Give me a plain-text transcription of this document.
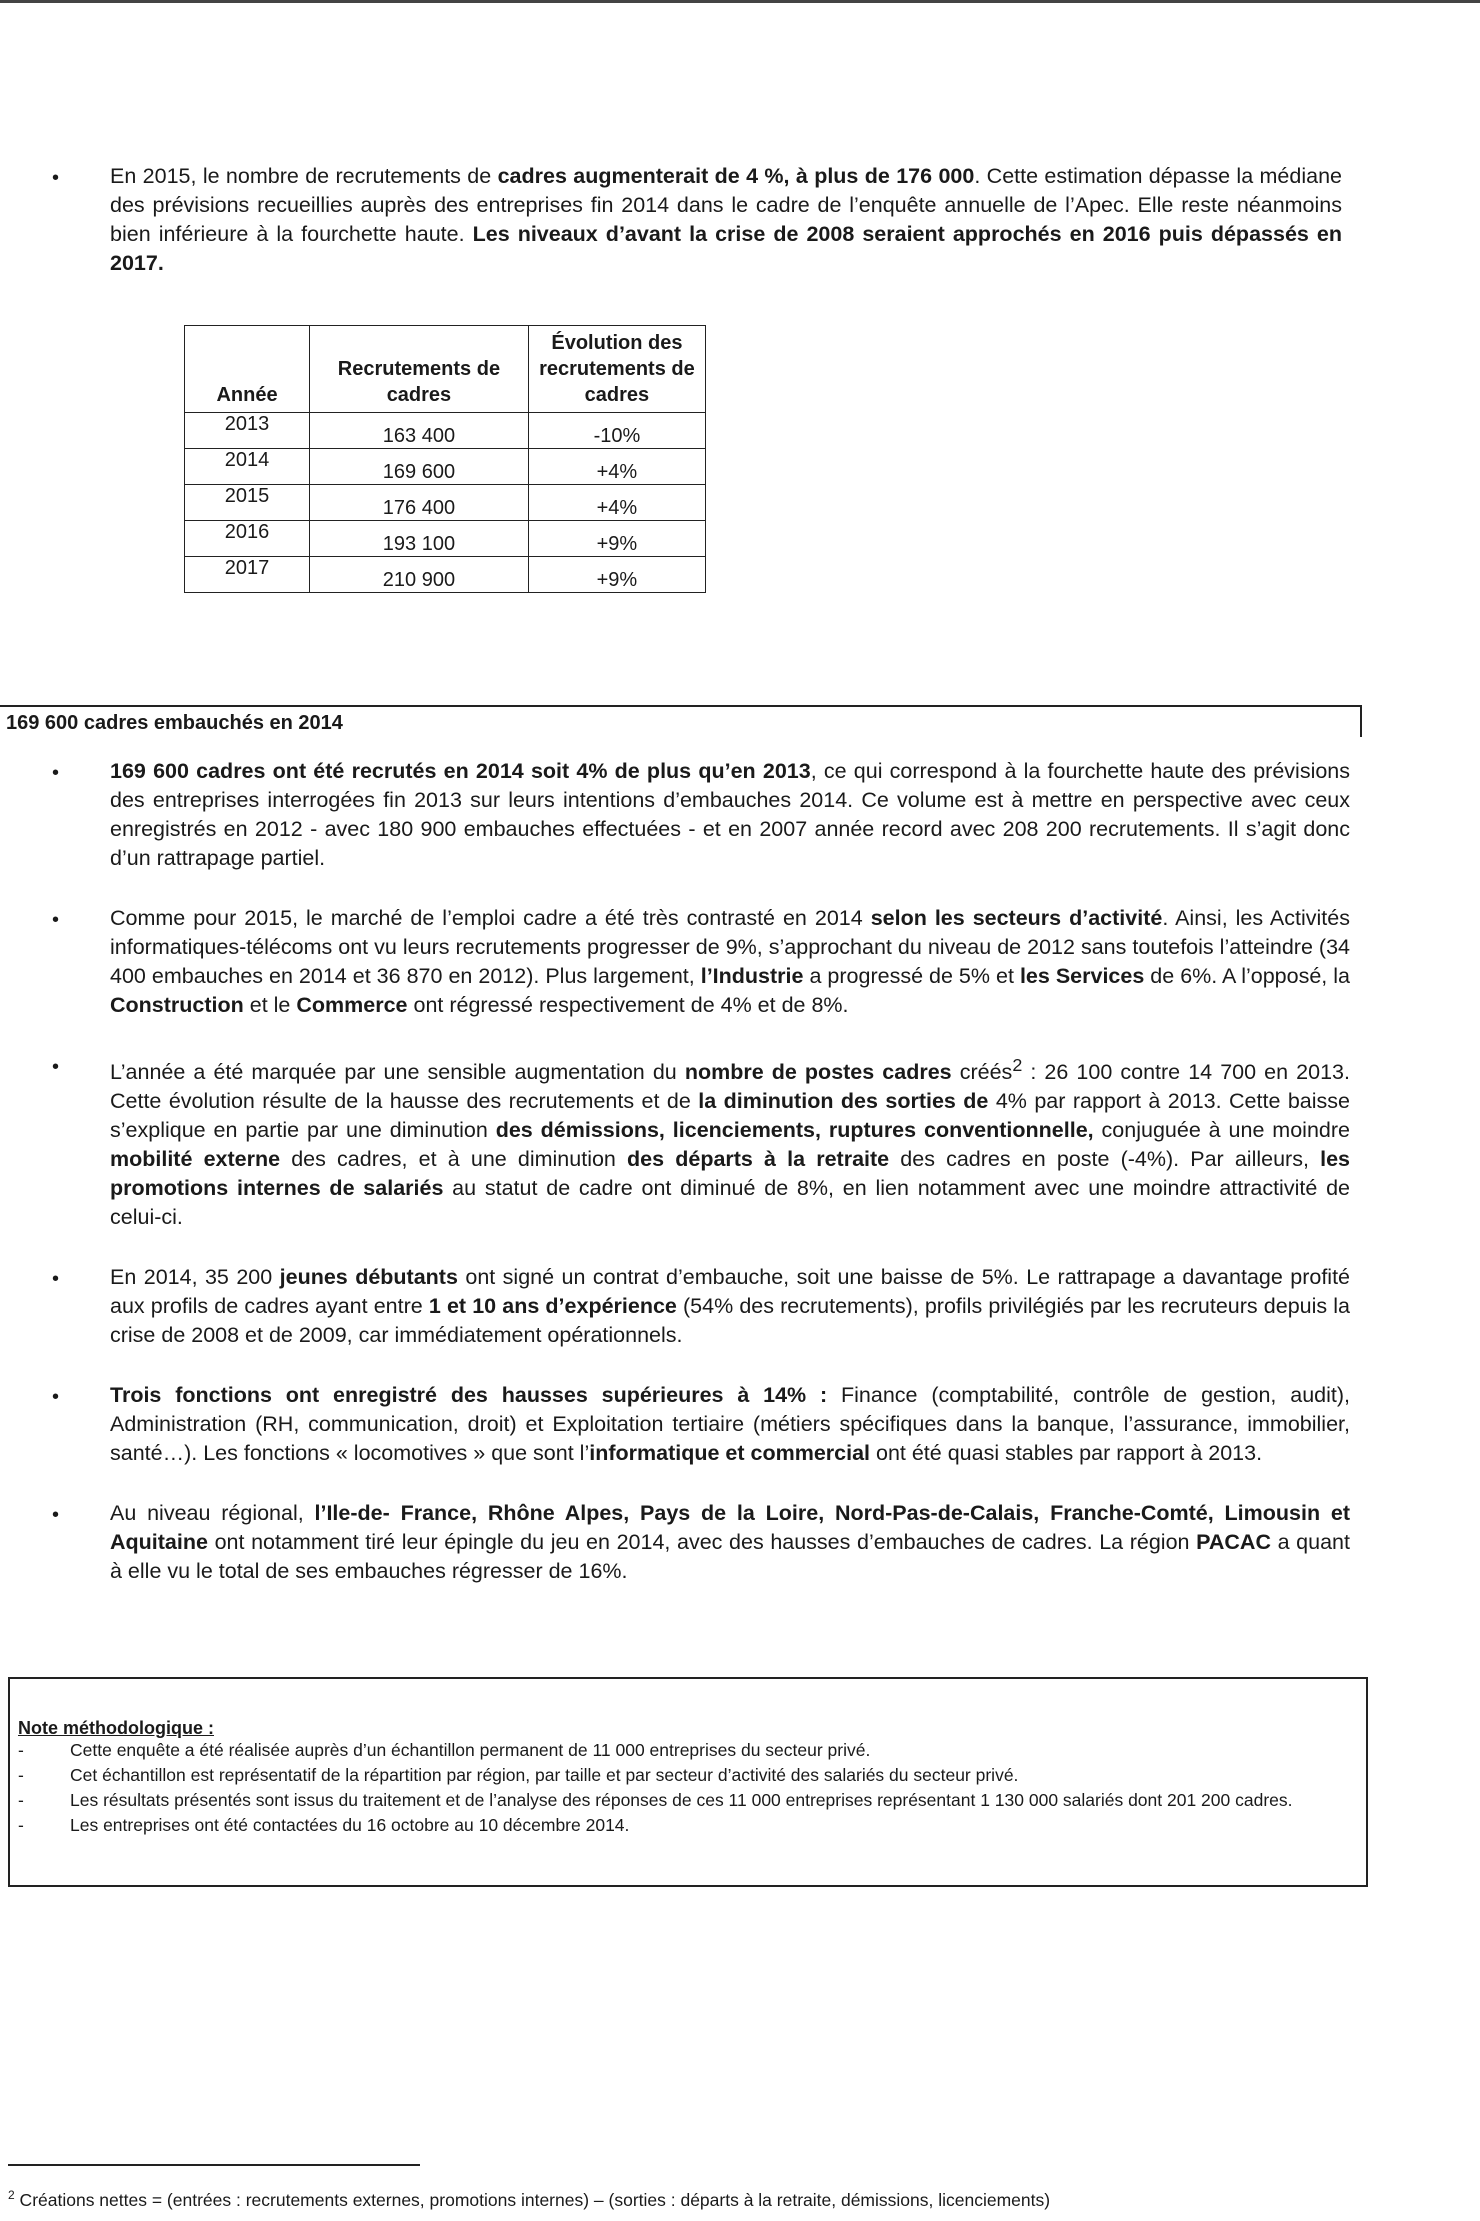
• En 2015, le nombre de recrutements de cadres augmenterait de 4 %, à plus de 176 000. Cette estimation dépasse la médiane des prévisions recueillies auprès des entreprises fin 2014 dans le cadre de l’enquête annuelle de l’Apec. Elle reste néanmoins bien inférieure à la fourchette haute. Les niveaux d’avant la crise de 2008 seraient approchés en 2016 puis dépassés en 2017.
Année	Recrutements de cadres	Évolution des recrutements de cadres
2013	163 400	-10%
2014	169 600	+4%
2015	176 400	+4%
2016	193 100	+9%
2017	210 900	+9%
169 600 cadres embauchés en 2014
• 169 600 cadres ont été recrutés en 2014 soit 4% de plus qu’en 2013, ce qui correspond à la fourchette haute des prévisions des entreprises interrogées fin 2013 sur leurs intentions d’embauches 2014. Ce volume est à mettre en perspective avec ceux enregistrés en 2012 - avec 180 900 embauches effectuées - et en 2007 année record avec 208 200 recrutements. Il s’agit donc d’un rattrapage partiel.
• Comme pour 2015, le marché de l’emploi cadre a été très contrasté en 2014 selon les secteurs d’activité. Ainsi, les Activités informatiques-télécoms ont vu leurs recrutements progresser de 9%, s’approchant du niveau de 2012 sans toutefois l’atteindre (34 400 embauches en 2014 et 36 870 en 2012). Plus largement, l’Industrie a progressé de 5% et les Services de 6%. A l’opposé, la Construction et le Commerce ont régressé respectivement de 4% et de 8%.
• L’année a été marquée par une sensible augmentation du nombre de postes cadres créés$^2$ : 26 100 contre 14 700 en 2013. Cette évolution résulte de la hausse des recrutements et de la diminution des sorties de 4% par rapport à 2013. Cette baisse s’explique en partie par une diminution des démissions, licenciements, ruptures conventionnelle, conjuguée à une moindre mobilité externe des cadres, et à une diminution des départs à la retraite des cadres en poste (-4%). Par ailleurs, les promotions internes de salariés au statut de cadre ont diminué de 8%, en lien notamment avec une moindre attractivité de celui-ci.
• En 2014, 35 200 jeunes débutants ont signé un contrat d’embauche, soit une baisse de 5%. Le rattrapage a davantage profité aux profils de cadres ayant entre 1 et 10 ans d’expérience (54% des recrutements), profils privilégiés par les recruteurs depuis la crise de 2008 et de 2009, car immédiatement opérationnels.
• Trois fonctions ont enregistré des hausses supérieures à 14% : Finance (comptabilité, contrôle de gestion, audit), Administration (RH, communication, droit) et Exploitation tertiaire (métiers spécifiques dans la banque, l’assurance, immobilier, santé…). Les fonctions « locomotives » que sont l’informatique et commercial ont été quasi stables par rapport à 2013.
• Au niveau régional, l’Ile-de- France, Rhône Alpes, Pays de la Loire, Nord-Pas-de-Calais, Franche-Comté, Limousin et Aquitaine ont notamment tiré leur épingle du jeu en 2014, avec des hausses d’embauches de cadres. La région PACAC a quant à elle vu le total de ses embauches régresser de 16%.
Note méthodologique :
-	Cette enquête a été réalisée auprès d’un échantillon permanent de 11 000 entreprises du secteur privé.
-	Cet échantillon est représentatif de la répartition par région, par taille et par secteur d’activité des salariés du secteur privé.
-	Les résultats présentés sont issus du traitement et de l’analyse des réponses de ces 11 000 entreprises représentant 1 130 000 salariés dont 201 200 cadres.
-	Les entreprises ont été contactées du 16 octobre au 10 décembre 2014.
$^2$ Créations nettes = (entrées : recrutements externes, promotions internes) – (sorties : départs à la retraite, démissions, licenciements)
